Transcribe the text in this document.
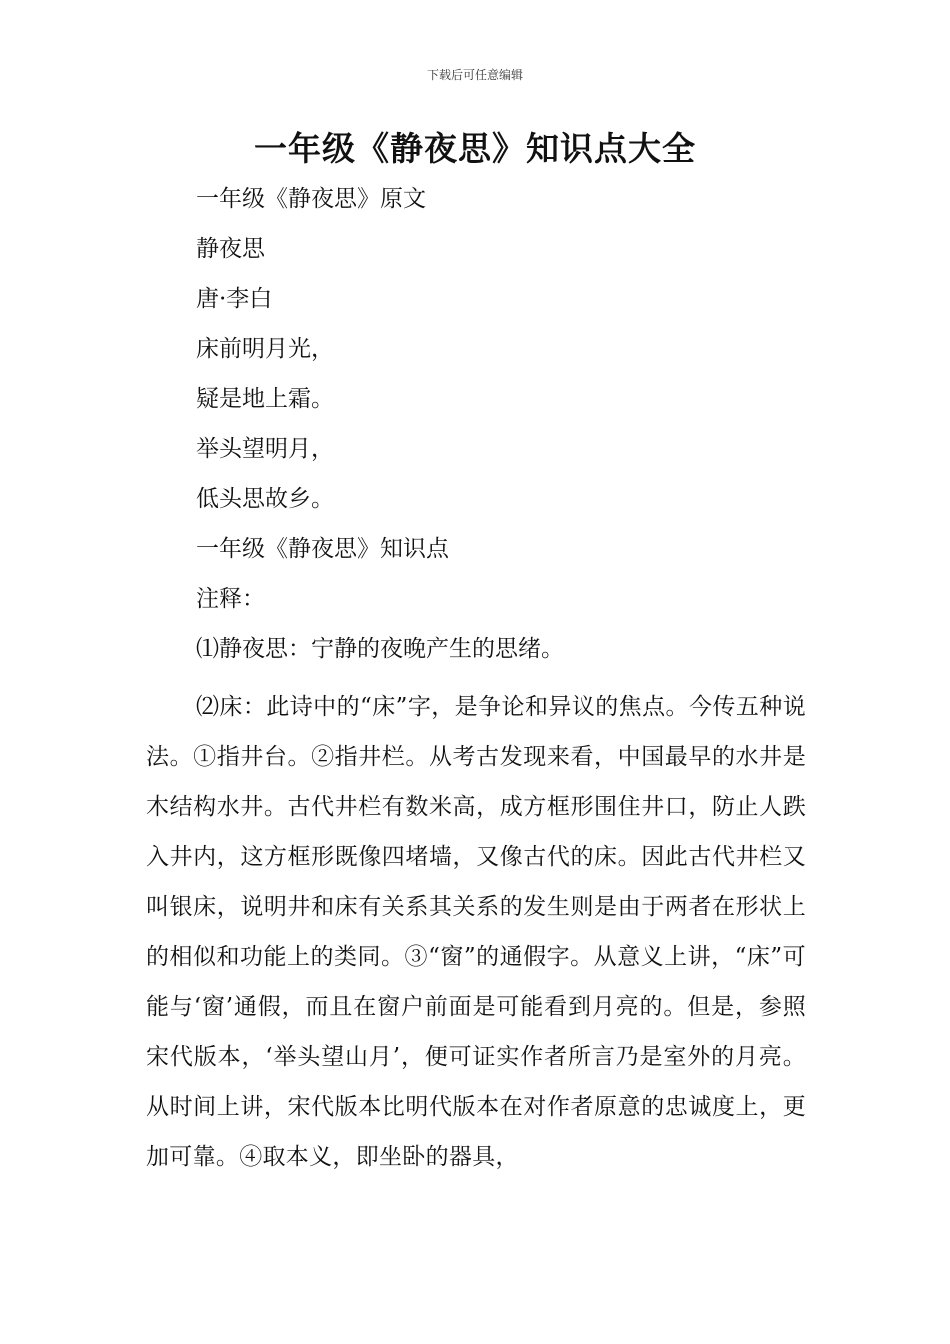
下载后可任意编辑
一年级《静夜思》知识点大全
一年级《静夜思》原文
静夜思
唐·李白
床前明月光，
疑是地上霜。
举头望明月，
低头思故乡。
一年级《静夜思》知识点
注释：
⑴静夜思：宁静的夜晚产生的思绪。
⑵床：此诗中的“床”字，是争论和异议的焦点。今传五种说法。①指井台。②指井栏。从考古发现来看，中国最早的水井是木结构水井。古代井栏有数米高，成方框形围住井口，防止人跌入井内，这方框形既像四堵墙，又像古代的床。因此古代井栏又叫银床，说明井和床有关系其关系的发生则是由于两者在形状上的相似和功能上的类同。③“窗”的通假字。从意义上讲，“床”可能与‘窗’通假，而且在窗户前面是可能看到月亮的。但是，参照宋代版本，‘举头望山月’，便可证实作者所言乃是室外的月亮。从时间上讲，宋代版本比明代版本在对作者原意的忠诚度上，更加可靠。④取本义，即坐卧的器具，
